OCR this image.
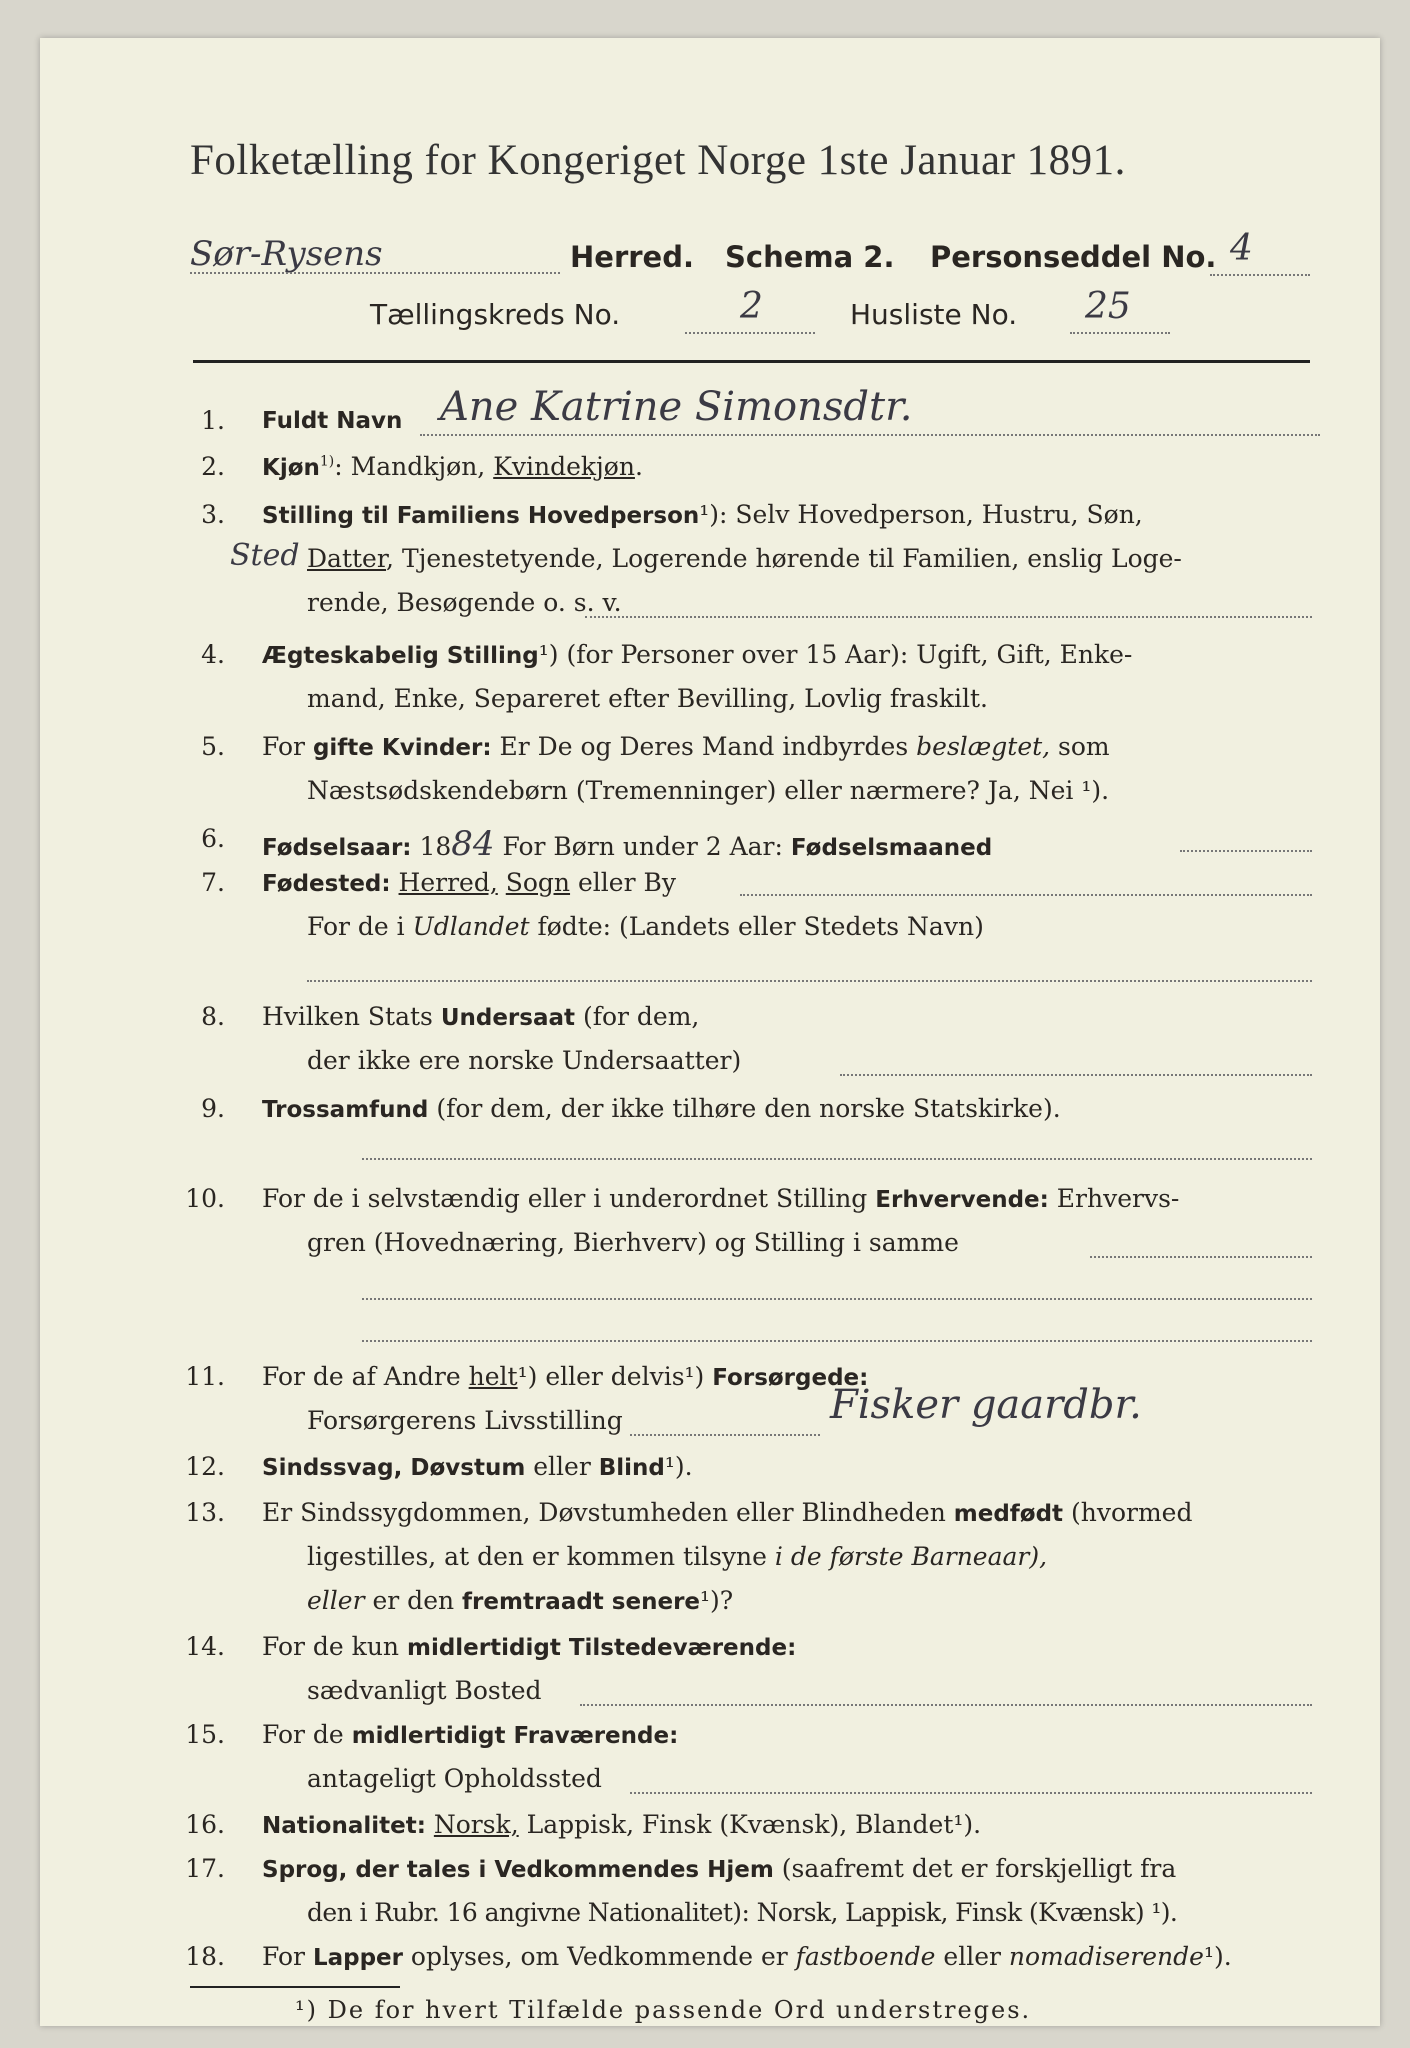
Folketælling for Kongeriget Norge 1ste Januar 1891.
Sør-Rysens	Herred. Schema 2. Personseddel No. 4
Tællingskreds No.	2	Husliste No. 25
1. Fuldt Navn Ane Katrine Simonsdtr.
2. Kjøn$^{1)}$: Mandkjøn, Kvindekjøn.
3. Stilling til Familiens Hovedperson¹): Selv Hovedperson, Hustru, Søn,
Sted Datter, Tjenestetyende, Logerende hørende til Familien, enslig Loge-
rende, Besøgende o. s. v.
4. Ægteskabelig Stilling¹) (for Personer over 15 Aar): Ugift, Gift, Enke-
mand, Enke, Separeret efter Bevilling, Lovlig fraskilt.
5. For gifte Kvinder: Er De og Deres Mand indbyrdes beslægtet, som
Næstsødskendebørn (Tremenninger) eller nærmere? Ja, Nei ¹).
6. Fødselsaar: 1884 For Børn under 2 Aar: Fødselsmaaned
7. Fødested: Herred, Sogn eller By
For de i Udlandet fødte: (Landets eller Stedets Navn)
8. Hvilken Stats Undersaat (for dem,
der ikke ere norske Undersaatter)
9. Trossamfund (for dem, der ikke tilhøre den norske Statskirke).
10. For de i selvstændig eller i underordnet Stilling Erhvervende: Erhvervs-
gren (Hovednæring, Bierhverv) og Stilling i samme
11. For de af Andre helt¹) eller delvis¹) Forsørgede:
Forsørgerens Livsstilling	Fisker gaardbr.
12. Sindssvag, Døvstum eller Blind¹).
13. Er Sindssygdommen, Døvstumheden eller Blindheden medfødt (hvormed
ligestilles, at den er kommen tilsyne i de første Barneaar),
eller er den fremtraadt senere¹)?
14. For de kun midlertidigt Tilstedeværende:
sædvanligt Bosted
15. For de midlertidigt Fraværende:
antageligt Opholdssted
16. Nationalitet: Norsk, Lappisk, Finsk (Kvænsk), Blandet¹).
17. Sprog, der tales i Vedkommendes Hjem (saafremt det er forskjelligt fra
den i Rubr. 16 angivne Nationalitet): Norsk, Lappisk, Finsk (Kvænsk) ¹).
18. For Lapper oplyses, om Vedkommende er fastboende eller nomadiserende¹).
¹) De for hvert Tilfælde passende Ord understreges.
